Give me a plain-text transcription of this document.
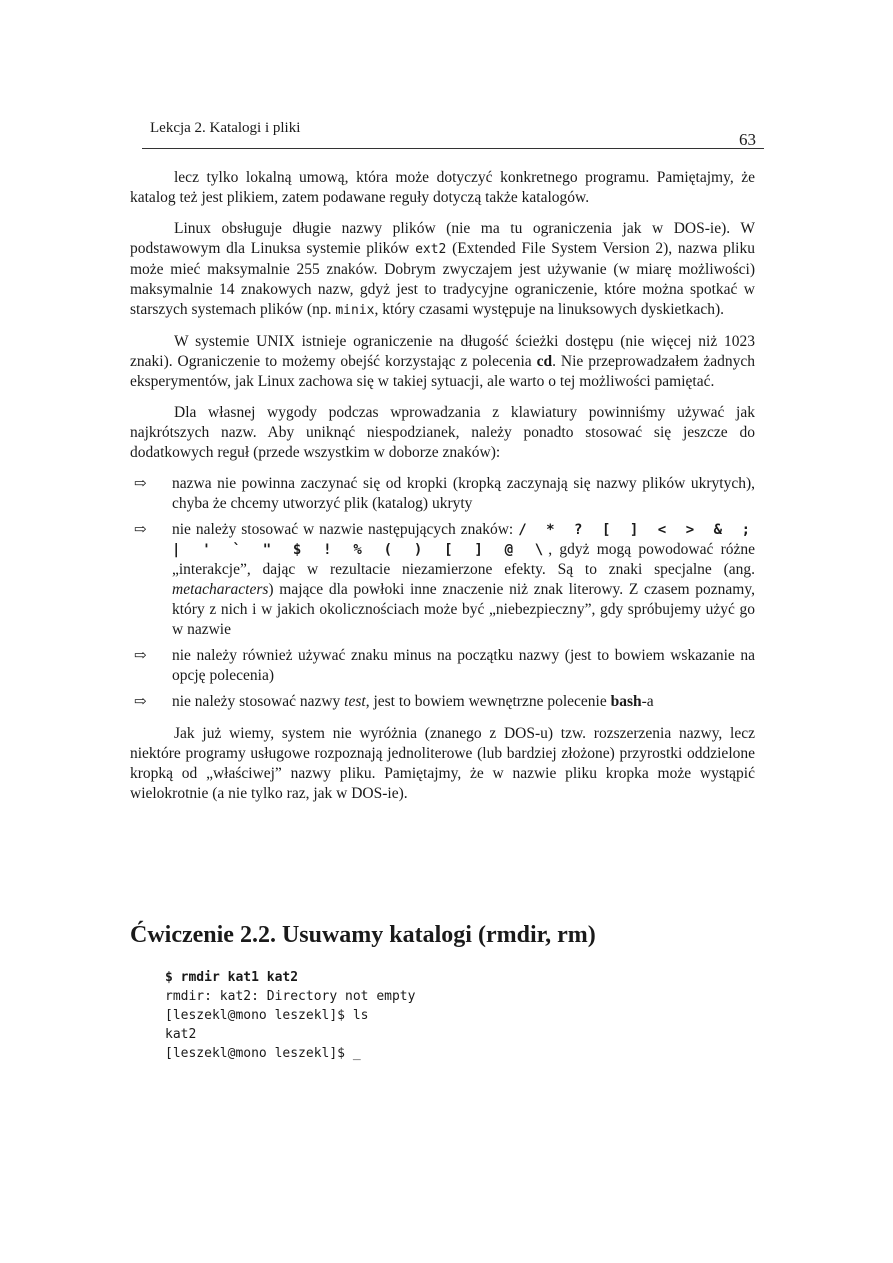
Lekcja 2. Katalogi i pliki
63

lecz tylko lokalną umową, która może dotyczyć konkretnego programu. Pamiętajmy, że katalog też jest plikiem, zatem podawane reguły dotyczą także katalogów.

Linux obsługuje długie nazwy plików (nie ma tu ograniczenia jak w DOS-ie). W podstawowym dla Linuksa systemie plików ext2 (Extended File System Version 2), nazwa pliku może mieć maksymalnie 255 znaków. Dobrym zwyczajem jest używanie (w miarę możliwości) maksymalnie 14 znakowych nazw, gdyż jest to tradycyjne ograniczenie, które można spotkać w starszych systemach plików (np. minix, który czasami występuje na linuksowych dyskietkach).

W systemie UNIX istnieje ograniczenie na długość ścieżki dostępu (nie więcej niż 1023 znaki). Ograniczenie to możemy obejść korzystając z polecenia cd. Nie przeprowadzałem żadnych eksperymentów, jak Linux zachowa się w takiej sytuacji, ale warto o tej możliwości pamiętać.

Dla własnej wygody podczas wprowadzania z klawiatury powinniśmy używać jak najkrótszych nazw. Aby uniknąć niespodzianek, należy ponadto stosować się jeszcze do dodatkowych reguł (przede wszystkim w doborze znaków):

⇨ nazwa nie powinna zaczynać się od kropki (kropką zaczynają się nazwy plików ukrytych), chyba że chcemy utworzyć plik (katalog) ukryty
⇨ nie należy stosować w nazwie następujących znaków: / * ? [ ] < > & ; | ' ` " $ ! % ( ) [ ] @ \, gdyż mogą powodować różne „interakcje”, dając w rezultacie niezamierzone efekty. Są to znaki specjalne (ang. metacharacters) mające dla powłoki inne znaczenie niż znak literowy. Z czasem poznamy, który z nich i w jakich okolicznościach może być „niebezpieczny”, gdy spróbujemy użyć go w nazwie
⇨ nie należy również używać znaku minus na początku nazwy (jest to bowiem wskazanie na opcję polecenia)
⇨ nie należy stosować nazwy test, jest to bowiem wewnętrzne polecenie bash-a

Jak już wiemy, system nie wyróżnia (znanego z DOS-u) tzw. rozszerzenia nazwy, lecz niektóre programy usługowe rozpoznają jednoliterowe (lub bardziej złożone) przyrostki oddzielone kropką od „właściwej” nazwy pliku. Pamiętajmy, że w nazwie pliku kropka może wystąpić wielokrotnie (a nie tylko raz, jak w DOS-ie).

Ćwiczenie 2.2. Usuwamy katalogi (rmdir, rm)
$ rmdir kat1 kat2
rmdir: kat2: Directory not empty
[leszekl@mono leszekl]$ ls
kat2
[leszekl@mono leszekl]$ _
